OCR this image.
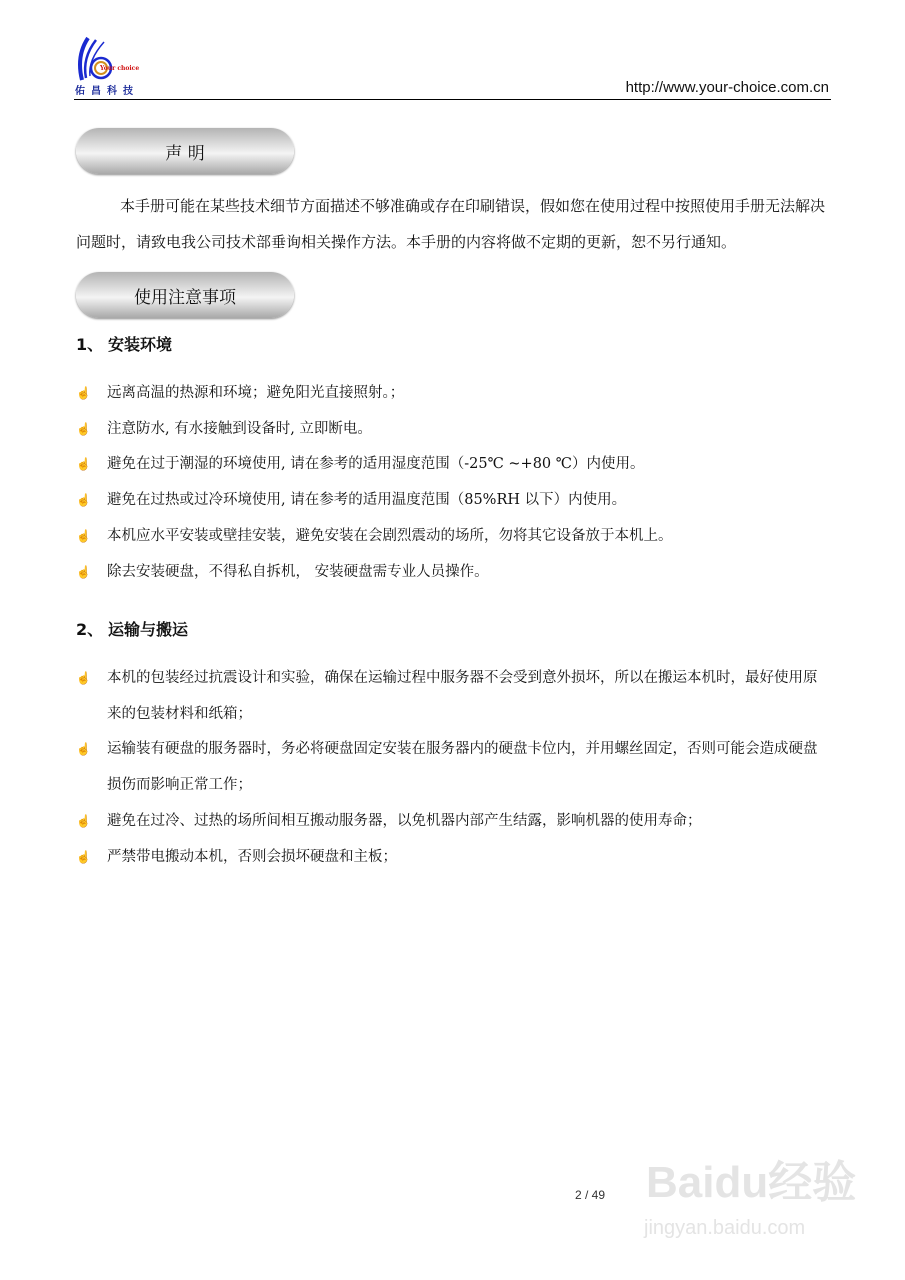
Your choice
佑昌科技	http://www.your-choice.com.cn
声 明
本手册可能在某些技术细节方面描述不够准确或存在印刷错误，假如您在使用过程中按照使用手册无法解决问题时，请致电我公司技术部垂询相关操作方法。本手册的内容将做不定期的更新，恕不另行通知。
使用注意事项
1、 安装环境
☝ 远离高温的热源和环境；避免阳光直接照射。；
☝ 注意防水, 有水接触到设备时, 立即断电。
☝ 避免在过于潮湿的环境使用, 请在参考的适用湿度范围（-25℃ ~+80 ℃）内使用。
☝ 避免在过热或过冷环境使用, 请在参考的适用温度范围（85%RH 以下）内使用。
☝ 本机应水平安装或壁挂安装，避免安装在会剧烈震动的场所，勿将其它设备放于本机上。
☝ 除去安装硬盘，不得私自拆机， 安装硬盘需专业人员操作。
2、 运输与搬运
☝ 本机的包装经过抗震设计和实验，确保在运输过程中服务器不会受到意外损坏，所以在搬运本机时，最好使用原来的包装材料和纸箱；
☝ 运输装有硬盘的服务器时，务必将硬盘固定安装在服务器内的硬盘卡位内，并用螺丝固定，否则可能会造成硬盘损伤而影响正常工作；
☝ 避免在过冷、过热的场所间相互搬动服务器，以免机器内部产生结露，影响机器的使用寿命；
☝ 严禁带电搬动本机，否则会损坏硬盘和主板；
Baidu经验
jingyan.baidu.com
2 / 49
